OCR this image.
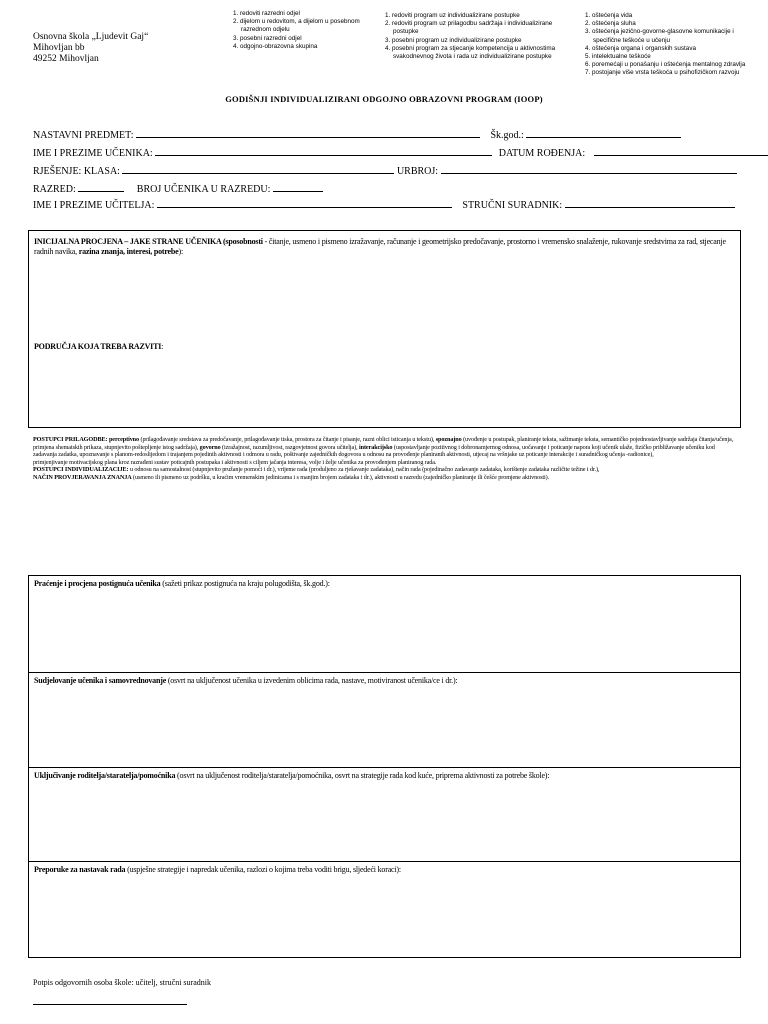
Osnovna škola „Ljudevit Gaj“
Mihovljan bb
49252 Mihovljan
1. redoviti razredni odjel
2. dijelom u redovitom, a dijelom u posebnom
razrednom odjelu
3. posebni razredni odjel
4. odgojno-obrazovna skupina
1. redoviti program uz individualizirane postupke
2. redoviti program uz prilagodbu sadržaja i individualizirane
postupke
3. posebni program uz individualizirane postupke
4. posebni program za stjecanje kompetencija u aktivnostima
svakodnevnog života i rada uz individualizirane postupke
1. oštećenja vida
2. oštećenja sluha
3. oštećenja jezično-govorne-glasovne komunikacije i
specifične teškoće u učenju
4. oštećenja organa i organskih sustava
5. intelektualne teškoće
6. poremećaji u ponašanju i oštećenja mentalnog zdravlja
7. postojanje više vrsta teškoća u psihofizičkom razvoju
GODIŠNJI INDIVIDUALIZIRANI ODGOJNO OBRAZOVNI PROGRAM (IOOP)
NASTAVNI PREDMET:	Šk.god.:
IME I PREZIME UČENIKA:	DATUM ROĐENJA:
RJEŠENJE: KLASA:	URBROJ:
RAZRED:	BROJ UČENIKA U RAZREDU:
IME I PREZIME UČITELJA:	STRUČNI SURADNIK:
INICIJALNA PROCJENA – JAKE STRANE UČENIKA (sposobnosti - čitanje, usmeno i pismeno izražavanje, računanje i geometrijsko predočavanje, prostorno i vremensko snalaženje, rukovanje sredstvima za rad, stjecanje radnih navika, razina znanja, interesi, potrebe):
PODRUČJA KOJA TREBA RAZVITI:
POSTUPCI PRILAGODBE: perceptivno (prilagođavanje sredstava za predočavanje, prilagođavanje tiska, prostora za čitanje i pisanje, razni oblici isticanja u tekstu), spoznajno (uvođenje u postupak, planiranje teksta, sažimanje teksta, semantičko pojednostavljivanje sadržaja čitanja/učenja, primjena shematskih prikaza, stupnjevito poštepljenje istog sadržaja), govorno (izražajnost, razumljivost, razgovjetnost govora učitelja), interakcijsko (uspostavljanje pozitivnog i dobronamjernog odnosa, uočavanje i poticanje napora koji učenik ulaže, fizičko približavanje učeniku kod zadavanja zadatka, upoznavanje s planom-redoslijedom i trajanjem pojedinih aktivnosti i odmora u radu, poštivanje zajedničkih dogovora u odnosu na provođenje planiranih aktivnosti, utjecaj na vršnjake uz poticanje interakcije i suradničkog učenja -radionice),
primjenjivanje motivacijskog plana kroz razrađeni sustav poticajnih postupaka i aktivnosti s ciljem jačanja interesa, volje i želje učenika za provođenjem planiranog rada.
POSTUPCI INDIVIDUALIZACIJE: u odnosu na samostalnost (stupnjevito pružanje pomoći i dr.), vrijeme rada (produljeno za rješavanje zadataka), način rada (pojedinačno zadavanje zadataka, korištenje zadataka različite težine i dr.),
NAČIN PROVJERAVANJA ZNANJA (usmeno ili pismeno uz podršku, u kraćim vremenskim jedinicama i s manjim brojem zadataka i dr.), aktivnosti u razredu (zajedničko planiranje ili češće promjene aktivnosti).
Praćenje i procjena postignuća učenika (sažeti prikaz postignuća na kraju polugodišta, šk.god.):
Sudjelovanje učenika i samovrednovanje (osvrt na uključenost učenika u izvedenim oblicima rada, nastave, motiviranost učenika/ce i dr.):
Uključivanje roditelja/staratelja/pomoćnika (osvrt na uključenost roditelja/staratelja/pomoćnika, osvrt na strategije rada kod kuće, priprema aktivnosti za potrebe škole):
Preporuke za nastavak rada (uspješne strategije i napredak učenika, razlozi o kojima treba voditi brigu, sljedeći koraci):
Potpis odgovornih osoba škole: učitelj, stručni suradnik
